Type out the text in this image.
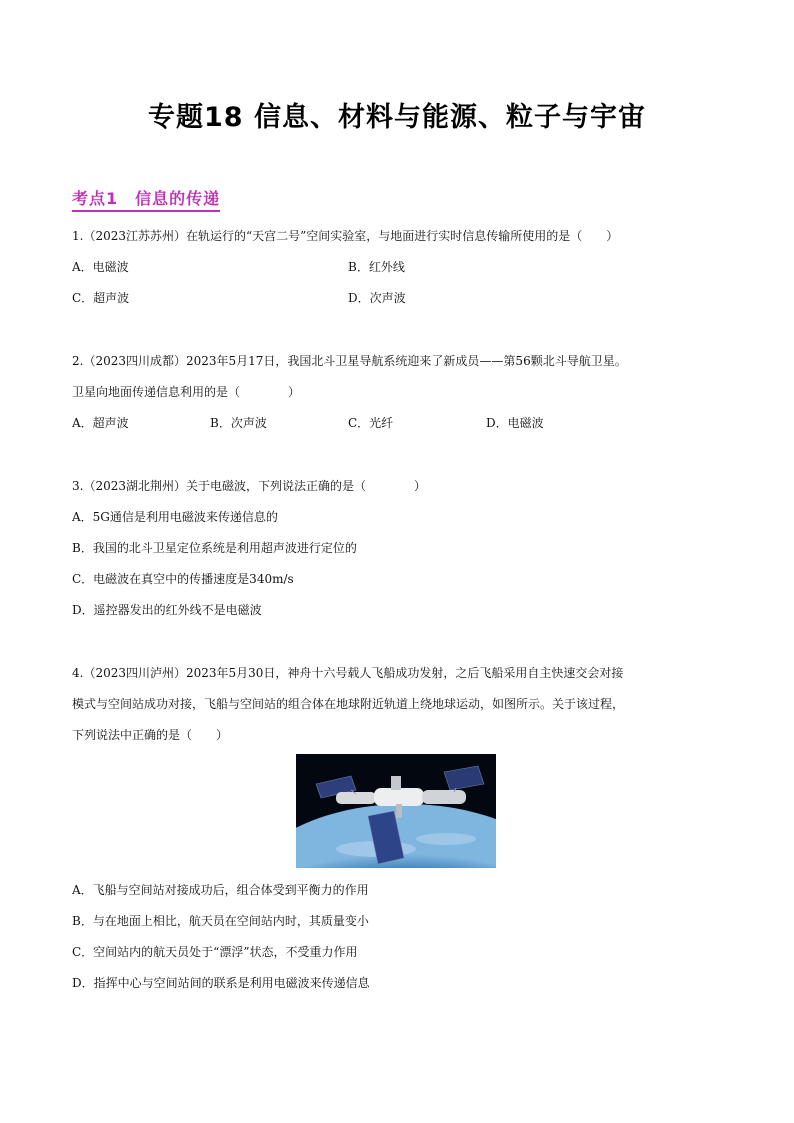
专题18 信息、材料与能源、粒子与宇宙
考点1　信息的传递
1.（2023江苏苏州）在轨运行的“天宫二号”空间实验室，与地面进行实时信息传输所使用的是（　　）
A．电磁波	B．红外线
C．超声波	D．次声波
2.（2023四川成都）2023年5月17日，我国北斗卫星导航系统迎来了新成员——第56颗北斗导航卫星。
卫星向地面传递信息利用的是（　　　　）
A．超声波	B．次声波	C．光纤	D．电磁波
3.（2023湖北荆州）关于电磁波，下列说法正确的是（　　　　）
A．5G通信是利用电磁波来传递信息的
B．我国的北斗卫星定位系统是利用超声波进行定位的
C．电磁波在真空中的传播速度是340m/s
D．遥控器发出的红外线不是电磁波
4.（2023四川泸州）2023年5月30日，神舟十六号载人飞船成功发射，之后飞船采用自主快速交会对接
模式与空间站成功对接，飞船与空间站的组合体在地球附近轨道上绕地球运动，如图所示。关于该过程，
下列说法中正确的是（　　）
A．飞船与空间站对接成功后，组合体受到平衡力的作用
B．与在地面上相比，航天员在空间站内时，其质量变小
C．空间站内的航天员处于“漂浮”状态，不受重力作用
D．指挥中心与空间站间的联系是利用电磁波来传递信息
